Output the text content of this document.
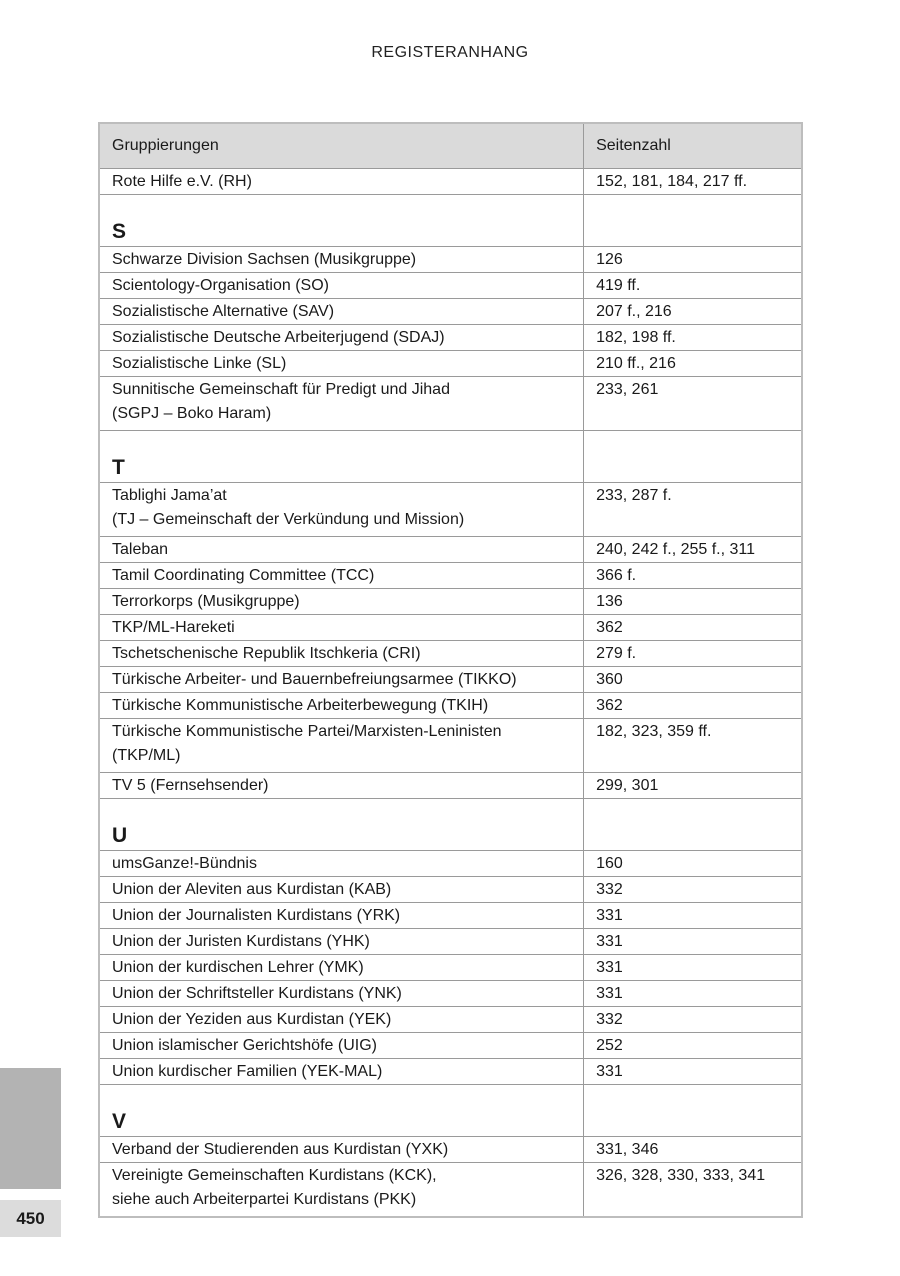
REGISTERANHANG
Gruppierungen	Seitenzahl

Rote Hilfe e.V. (RH)	152, 181, 184, 217 ff.
S	

Schwarze Division Sachsen (Musikgruppe)	126

Scientology-Organisation (SO)	419 ff.

Sozialistische Alternative (SAV)	207 f., 216

Sozialistische Deutsche Arbeiterjugend (SDAJ)	182, 198 ff.

Sozialistische Linke (SL)	210 ff., 216

Sunnitische Gemeinschaft für Predigt und Jihad
(SGPJ – Boko Haram)	233, 261
T	

Tablighi Jama’at
(TJ – Gemeinschaft der Verkündung und Mission)	233, 287 f.

Taleban	240, 242 f., 255 f., 311

Tamil Coordinating Committee (TCC)	366 f.

Terrorkorps (Musikgruppe)	136

TKP/ML-Hareketi	362

Tschetschenische Republik Itschkeria (CRI)	279 f.

Türkische Arbeiter- und Bauernbefreiungsarmee (TIKKO)	360

Türkische Kommunistische Arbeiterbewegung (TKIH)	362

Türkische Kommunistische Partei/Marxisten-Leninisten
(TKP/ML)	182, 323, 359 ff.

TV 5 (Fernsehsender)	299, 301
U	

umsGanze!-Bündnis	160

Union der Aleviten aus Kurdistan (KAB)	332

Union der Journalisten Kurdistans (YRK)	331

Union der Juristen Kurdistans (YHK)	331

Union der kurdischen Lehrer (YMK)	331

Union der Schriftsteller Kurdistans (YNK)	331

Union der Yeziden aus Kurdistan (YEK)	332

Union islamischer Gerichtshöfe (UIG)	252

Union kurdischer Familien (YEK-MAL)	331
V	

Verband der Studierenden aus Kurdistan (YXK)	331, 346

Vereinigte Gemeinschaften Kurdistans (KCK),
siehe auch Arbeiterpartei Kurdistans (PKK)	326, 328, 330, 333, 341
450
